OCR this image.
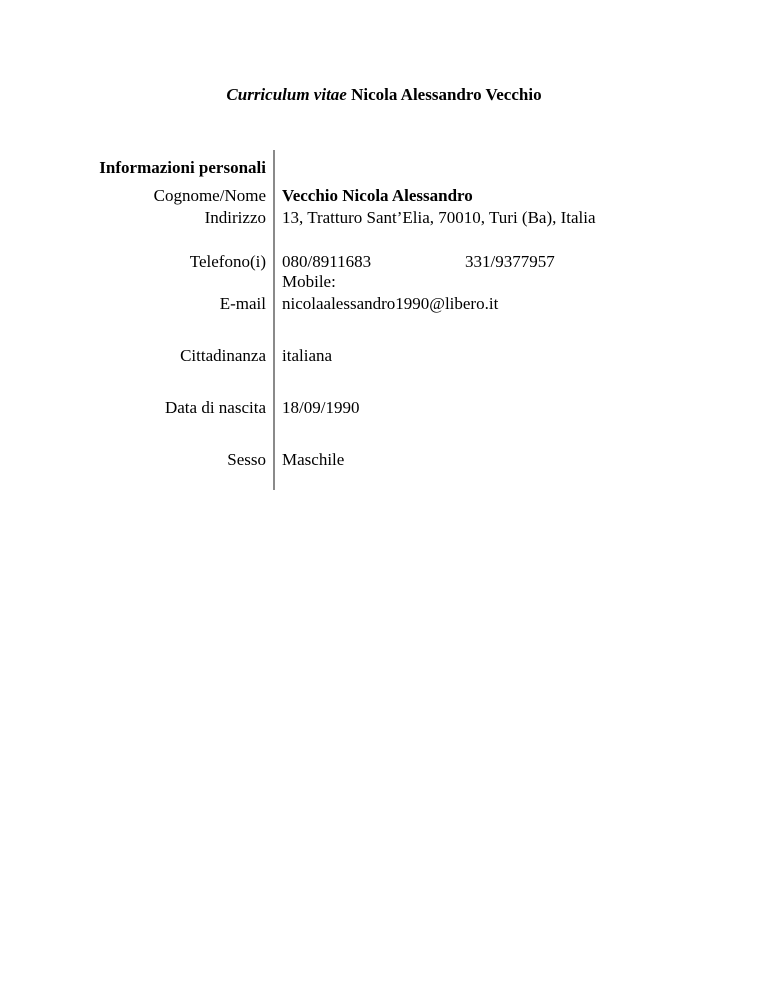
Curriculum vitae Nicola Alessandro Vecchio
Informazioni personali
Cognome/Nome Vecchio Nicola Alessandro
Indirizzo 13, Tratturo Sant’Elia, 70010, Turi (Ba), Italia
Telefono(i) 080/8911683	331/9377957
Mobile:
E-mail nicolaalessandro1990@libero.it
Cittadinanza italiana
Data di nascita 18/09/1990
Sesso Maschile
